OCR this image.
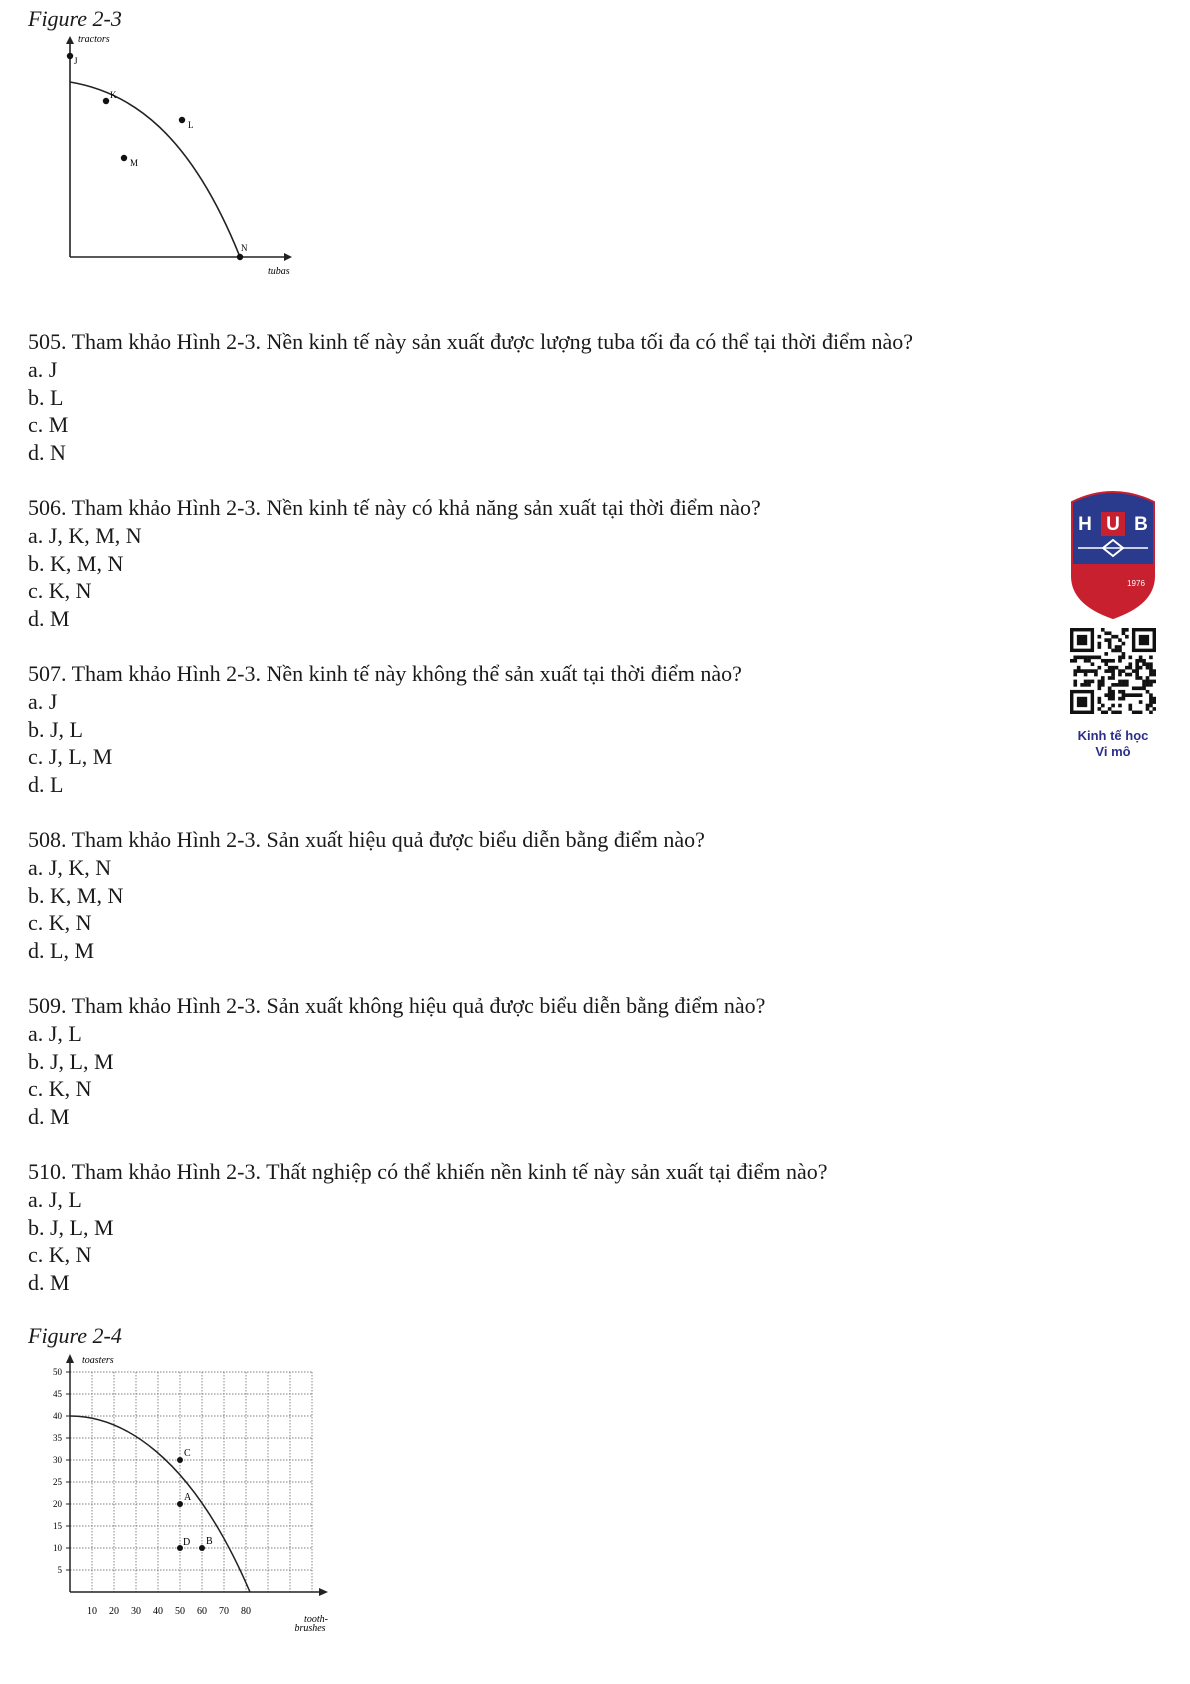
Figure 2-3
tractors
tubas
J
K
L
M
N
505. Tham khảo Hình 2-3. Nền kinh tế này sản xuất được lượng tuba tối đa có thể tại thời điểm nào?
a. J
b. L
c. M
d. N
506. Tham khảo Hình 2-3. Nền kinh tế này có khả năng sản xuất tại thời điểm nào?
a. J, K, M, N
b. K, M, N
c. K, N
d. M
507. Tham khảo Hình 2-3. Nền kinh tế này không thể sản xuất tại thời điểm nào?
a. J
b. J, L
c. J, L, M
d. L
508. Tham khảo Hình 2-3. Sản xuất hiệu quả được biểu diễn bằng điểm nào?
a. J, K, N
b. K, M, N
c. K, N
d. L, M
509. Tham khảo Hình 2-3. Sản xuất không hiệu quả được biểu diễn bằng điểm nào?
a. J, L
b. J, L, M
c. K, N
d. M
510. Tham khảo Hình 2-3. Thất nghiệp có thể khiến nền kinh tế này sản xuất tại điểm nào?
a. J, L
b. J, L, M
c. K, N
d. M
Figure 2-4
10 20 30 40 50 60 70 80
5
10
15
20
25
30
35
40
45
50
toasters
tooth-
brushes
C
A
D B
H U B
1976
Kinh tế học
Vi mô
